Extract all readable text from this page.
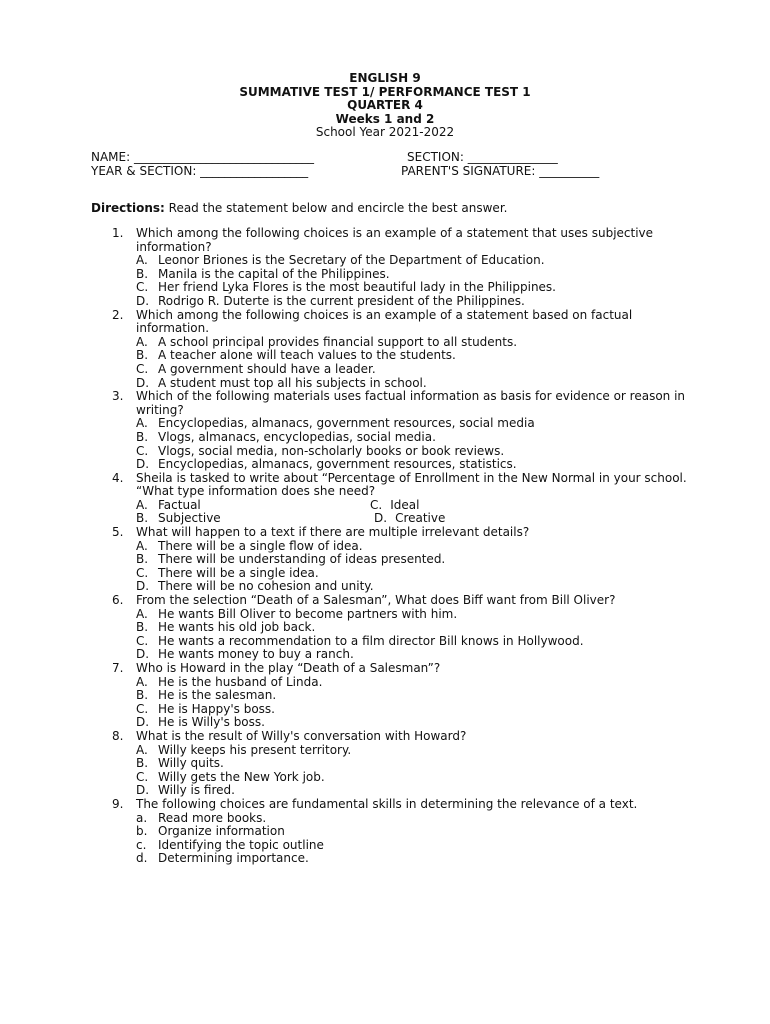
ENGLISH 9
SUMMATIVE TEST 1/ PERFORMANCE TEST 1
QUARTER 4
Weeks 1 and 2
School Year 2021-2022
NAME: ______________________________	SECTION: _______________
YEAR & SECTION: __________________	PARENT'S SIGNATURE: __________
Directions: Read the statement below and encircle the best answer.
1.	Which among the following choices is an example of a statement that uses subjective information?
A. Leonor Briones is the Secretary of the Department of Education.
B. Manila is the capital of the Philippines.
C. Her friend Lyka Flores is the most beautiful lady in the Philippines.
D. Rodrigo R. Duterte is the current president of the Philippines.
2.	Which among the following choices is an example of a statement based on factual information.
A. A school principal provides financial support to all students.
B. A teacher alone will teach values to the students.
C. A government should have a leader.
D. A student must top all his subjects in school.
3.	Which of the following materials uses factual information as basis for evidence or reason in writing?
A. Encyclopedias, almanacs, government resources, social media
B. Vlogs, almanacs, encyclopedias, social media.
C. Vlogs, social media, non-scholarly books or book reviews.
D. Encyclopedias, almanacs, government resources, statistics.
4.	Sheila is tasked to write about “Percentage of Enrollment in the New Normal in your school. “What type information does she need?
A. Factual	C. Ideal
B. Subjective	D. Creative
5.	What will happen to a text if there are multiple irrelevant details?
A. There will be a single flow of idea.
B. There will be understanding of ideas presented.
C. There will be a single idea.
D. There will be no cohesion and unity.
6.	From the selection “Death of a Salesman”, What does Biff want from Bill Oliver?
A. He wants Bill Oliver to become partners with him.
B. He wants his old job back.
C. He wants a recommendation to a film director Bill knows in Hollywood.
D. He wants money to buy a ranch.
7.	Who is Howard in the play “Death of a Salesman”?
A. He is the husband of Linda.
B. He is the salesman.
C. He is Happy's boss.
D. He is Willy's boss.
8.	What is the result of Willy's conversation with Howard?
A. Willy keeps his present territory.
B. Willy quits.
C. Willy gets the New York job.
D. Willy is fired.
9.	The following choices are fundamental skills in determining the relevance of a text.
a. Read more books.
b. Organize information
c. Identifying the topic outline
d. Determining importance.
